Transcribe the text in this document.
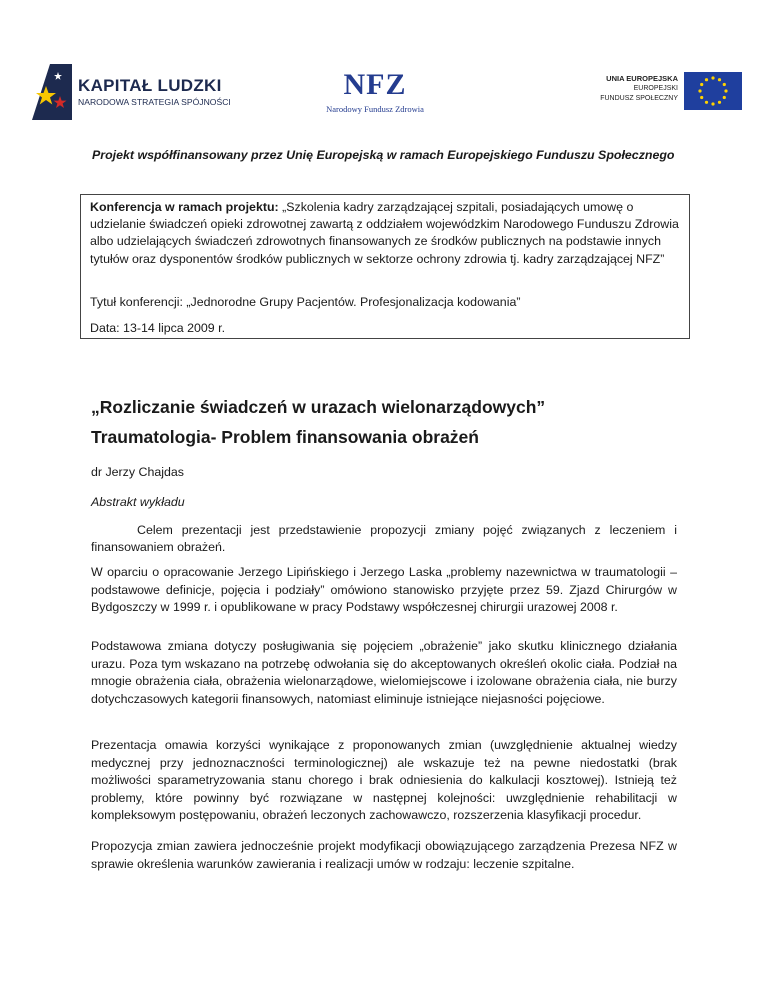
KAPITAŁ LUDZKI
NARODOWA STRATEGIA SPÓJNOŚCI
NFZ
Narodowy Fundusz Zdrowia
UNIA EUROPEJSKA
EUROPEJSKI
FUNDUSZ SPOŁECZNY
Projekt współfinansowany przez Unię Europejską w ramach Europejskiego Funduszu Społecznego
Konferencja w ramach projektu: „Szkolenia kadry zarządzającej szpitali, posiadających umowę o udzielanie świadczeń opieki zdrowotnej zawartą z oddziałem wojewódzkim Narodowego Funduszu Zdrowia albo udzielających świadczeń zdrowotnych finansowanych ze środków publicznych na podstawie innych tytułów oraz dysponentów środków publicznych w sektorze ochrony zdrowia tj. kadry zarządzającej NFZ”
Tytuł konferencji: „Jednorodne Grupy Pacjentów. Profesjonalizacja kodowania”
Data: 13-14 lipca 2009 r.
„Rozliczanie świadczeń w urazach wielonarządowych”
Traumatologia- Problem finansowania obrażeń
dr Jerzy Chajdas
Abstrakt wykładu
Celem prezentacji jest przedstawienie propozycji zmiany pojęć związanych z leczeniem i finansowaniem obrażeń.
W oparciu o opracowanie Jerzego Lipińskiego i Jerzego Laska „problemy nazewnictwa w traumatologii – podstawowe definicje, pojęcia i podziały” omówiono stanowisko przyjęte przez 59. Zjazd Chirurgów w Bydgoszczy w 1999 r. i opublikowane w pracy Podstawy współczesnej chirurgii urazowej 2008 r.
Podstawowa zmiana dotyczy posługiwania się pojęciem „obrażenie” jako skutku klinicznego działania urazu. Poza tym wskazano na potrzebę odwołania się do akceptowanych określeń okolic ciała. Podział na mnogie obrażenia ciała, obrażenia wielonarządowe, wielomiejscowe i izolowane obrażenia ciała, nie burzy dotychczasowych kategorii finansowych, natomiast eliminuje istniejące niejasności pojęciowe.
Prezentacja omawia korzyści wynikające z proponowanych zmian (uwzględnienie aktualnej wiedzy medycznej przy jednoznaczności terminologicznej) ale wskazuje też na pewne niedostatki (brak możliwości sparametryzowania stanu chorego i brak odniesienia do kalkulacji kosztowej). Istnieją też problemy, które powinny być rozwiązane w następnej kolejności: uwzględnienie rehabilitacji w kompleksowym postępowaniu, obrażeń leczonych zachowawczo, rozszerzenia klasyfikacji procedur.
Propozycja zmian zawiera jednocześnie projekt modyfikacji obowiązującego zarządzenia Prezesa NFZ w sprawie określenia warunków zawierania i realizacji umów w rodzaju: leczenie szpitalne.
